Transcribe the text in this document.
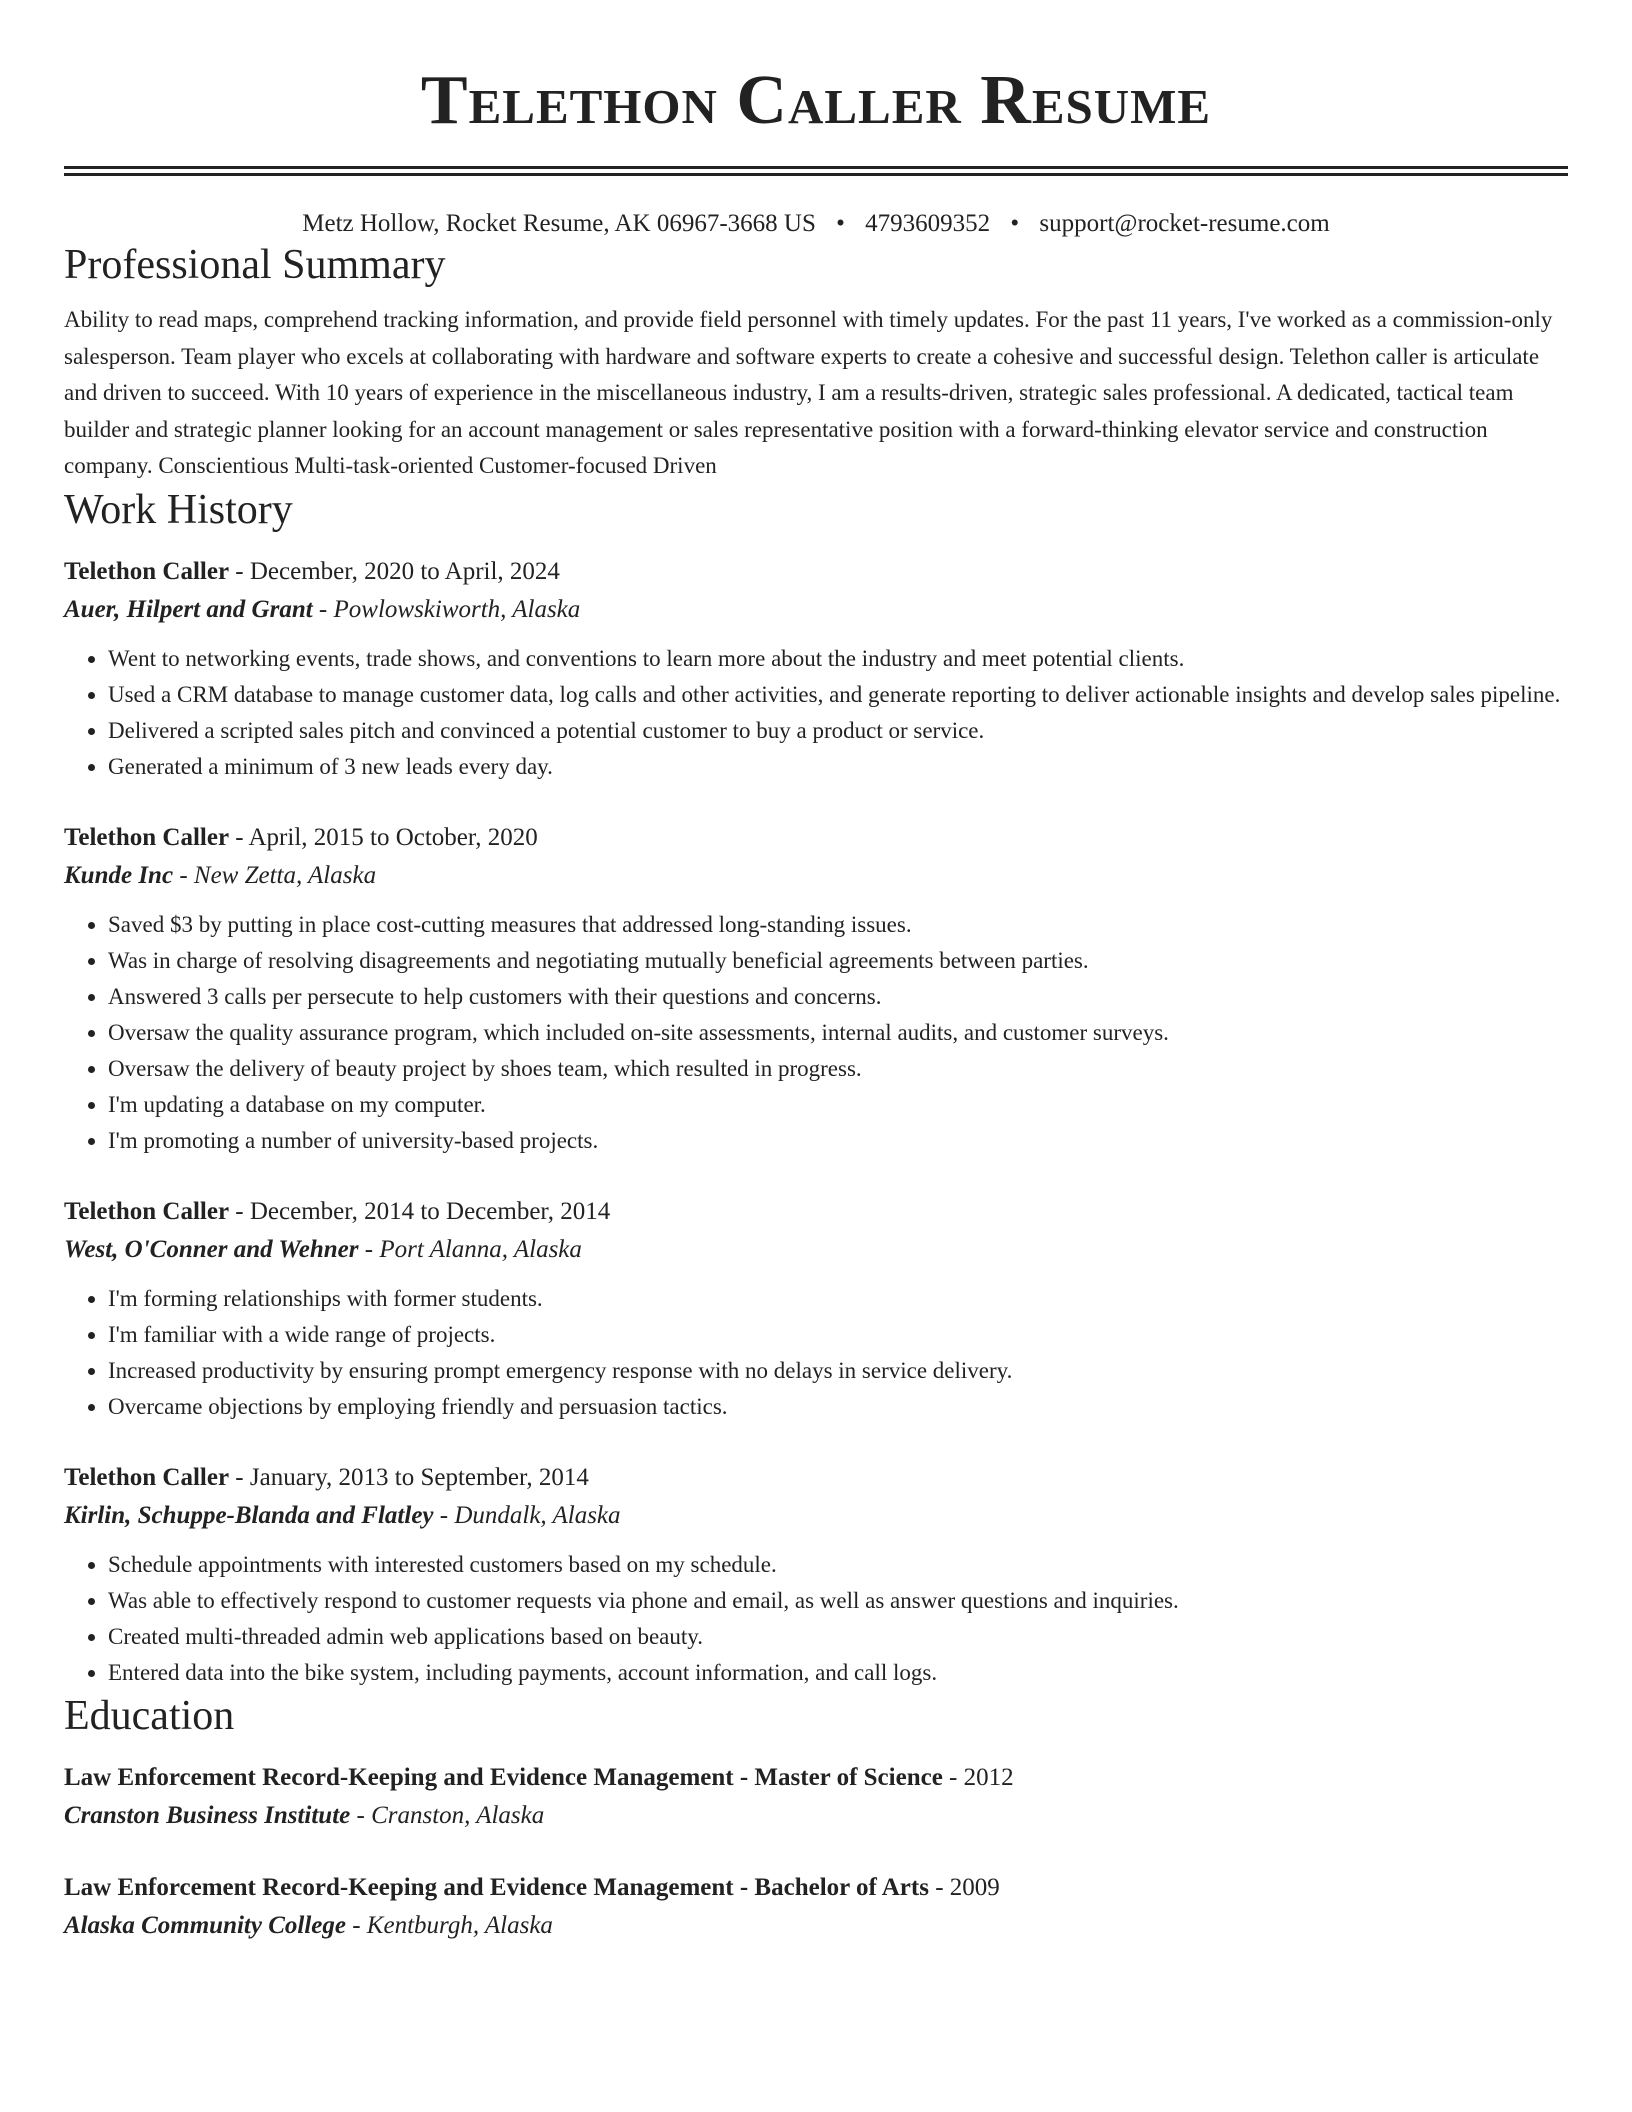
Telethon Caller Resume
Metz Hollow, Rocket Resume, AK 06967-3668 US • 4793609352 • support@rocket-resume.com
Professional Summary

Ability to read maps, comprehend tracking information, and provide field personnel with timely updates. For the past 11 years, I've worked as a commission-only salesperson. Team player who excels at collaborating with hardware and software experts to create a cohesive and successful design. Telethon caller is articulate and driven to succeed. With 10 years of experience in the miscellaneous industry, I am a results-driven, strategic sales professional. A dedicated, tactical team builder and strategic planner looking for an account management or sales representative position with a forward-thinking elevator service and construction company. Conscientious Multi-task-oriented Customer-focused Driven

Work History
Telethon Caller - December, 2020 to April, 2024
Auer, Hilpert and Grant - Powlowskiworth, Alaska
• Went to networking events, trade shows, and conventions to learn more about the industry and meet potential clients.
• Used a CRM database to manage customer data, log calls and other activities, and generate reporting to deliver actionable insights and develop sales pipeline.
• Delivered a scripted sales pitch and convinced a potential customer to buy a product or service.
• Generated a minimum of 3 new leads every day.
Telethon Caller - April, 2015 to October, 2020
Kunde Inc - New Zetta, Alaska
• Saved $3 by putting in place cost-cutting measures that addressed long-standing issues.
• Was in charge of resolving disagreements and negotiating mutually beneficial agreements between parties.
• Answered 3 calls per persecute to help customers with their questions and concerns.
• Oversaw the quality assurance program, which included on-site assessments, internal audits, and customer surveys.
• Oversaw the delivery of beauty project by shoes team, which resulted in progress.
• I'm updating a database on my computer.
• I'm promoting a number of university-based projects.
Telethon Caller - December, 2014 to December, 2014
West, O'Conner and Wehner - Port Alanna, Alaska
• I'm forming relationships with former students.
• I'm familiar with a wide range of projects.
• Increased productivity by ensuring prompt emergency response with no delays in service delivery.
• Overcame objections by employing friendly and persuasion tactics.
Telethon Caller - January, 2013 to September, 2014
Kirlin, Schuppe-Blanda and Flatley - Dundalk, Alaska
• Schedule appointments with interested customers based on my schedule.
• Was able to effectively respond to customer requests via phone and email, as well as answer questions and inquiries.
• Created multi-threaded admin web applications based on beauty.
• Entered data into the bike system, including payments, account information, and call logs.
Education
Law Enforcement Record-Keeping and Evidence Management - Master of Science - 2012
Cranston Business Institute - Cranston, Alaska
Law Enforcement Record-Keeping and Evidence Management - Bachelor of Arts - 2009
Alaska Community College - Kentburgh, Alaska
